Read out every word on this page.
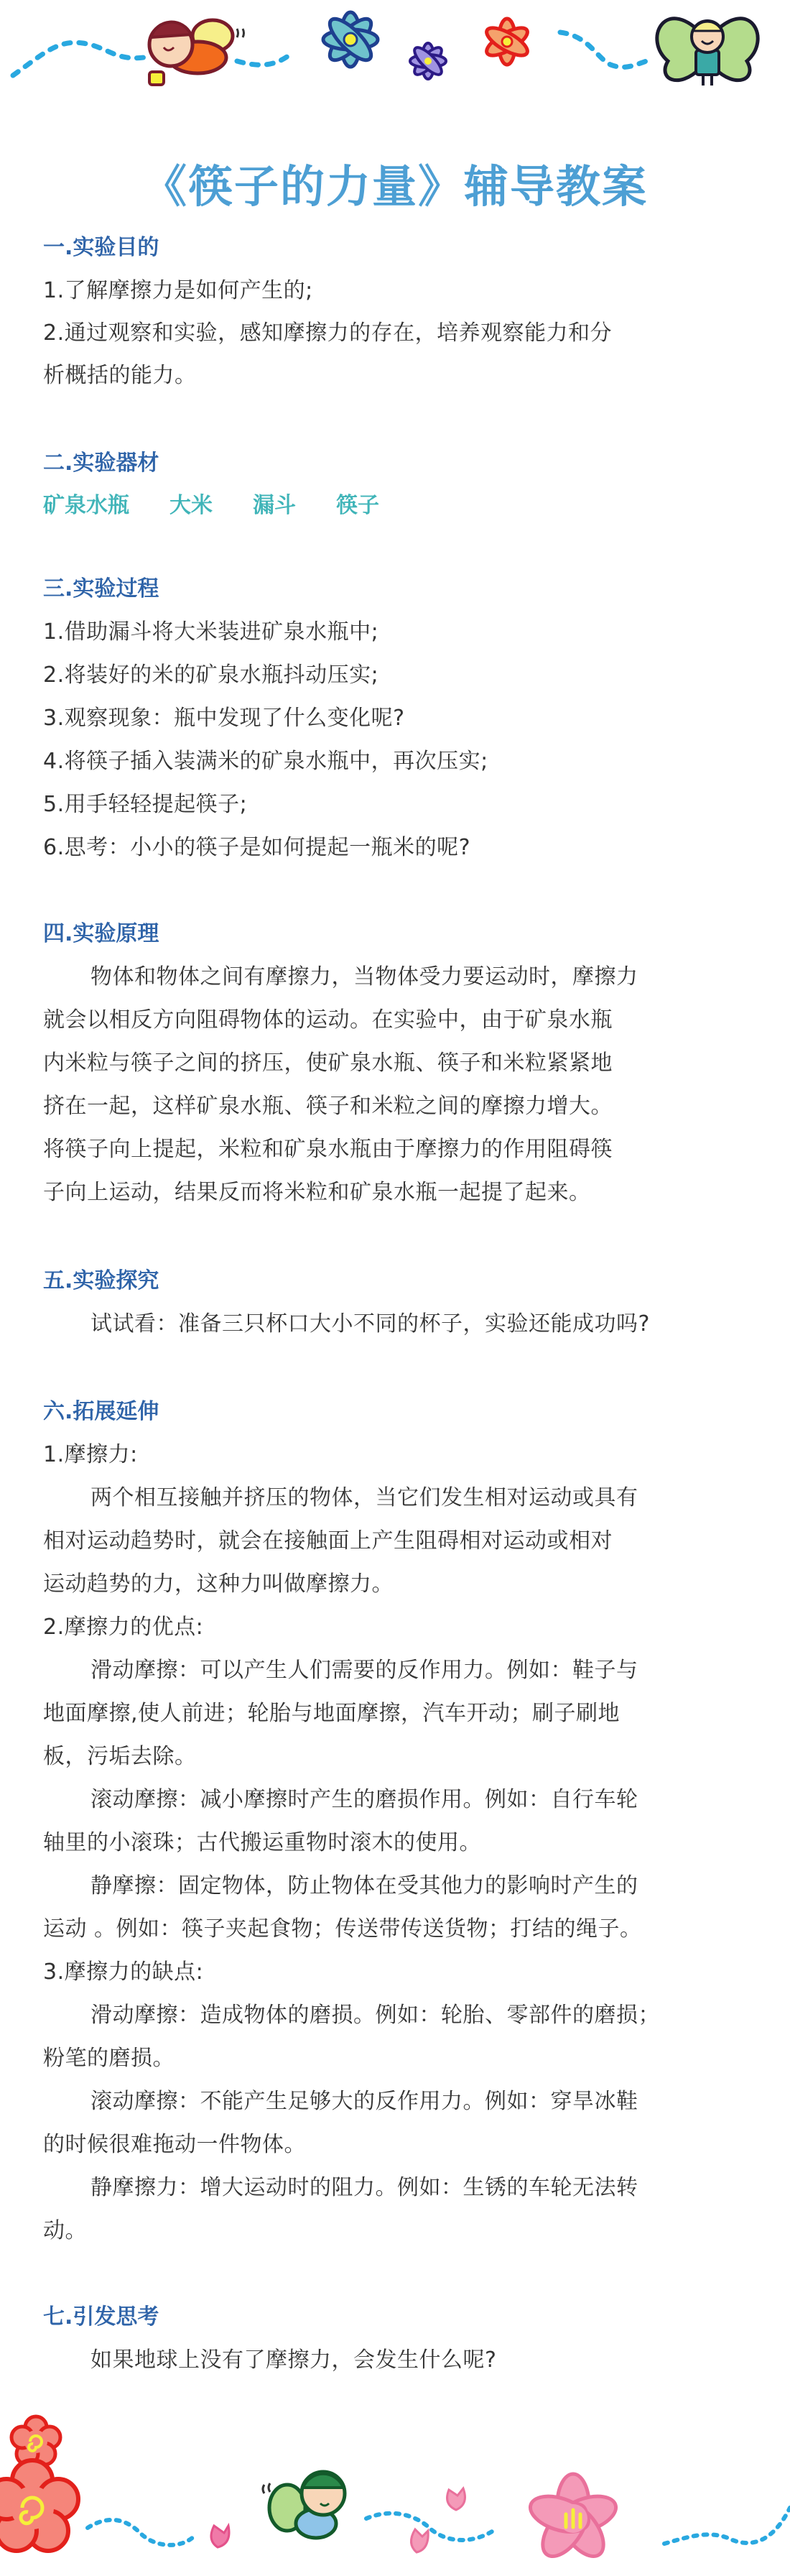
《筷子的力量》辅导教案
一.实验目的
1.了解摩擦力是如何产生的;
2.通过观察和实验，感知摩擦力的存在，培养观察能力和分
析概括的能力。
二.实验器材
矿泉水瓶 大米 漏斗 筷子
三.实验过程
1.借助漏斗将大米装进矿泉水瓶中;
2.将装好的米的矿泉水瓶抖动压实;
3.观察现象：瓶中发现了什么变化呢?
4.将筷子插入装满米的矿泉水瓶中，再次压实;
5.用手轻轻提起筷子;
6.思考：小小的筷子是如何提起一瓶米的呢?
四.实验原理
物体和物体之间有摩擦力，当物体受力要运动时，摩擦力
就会以相反方向阻碍物体的运动。在实验中，由于矿泉水瓶
内米粒与筷子之间的挤压，使矿泉水瓶、筷子和米粒紧紧地
挤在一起，这样矿泉水瓶、筷子和米粒之间的摩擦力增大。
将筷子向上提起，米粒和矿泉水瓶由于摩擦力的作用阻碍筷
子向上运动，结果反而将米粒和矿泉水瓶一起提了起来。
五.实验探究
试试看：准备三只杯口大小不同的杯子，实验还能成功吗?
六.拓展延伸
1.摩擦力:
两个相互接触并挤压的物体，当它们发生相对运动或具有
相对运动趋势时，就会在接触面上产生阻碍相对运动或相对
运动趋势的力，这种力叫做摩擦力。
2.摩擦力的优点:
滑动摩擦：可以产生人们需要的反作用力。例如：鞋子与
地面摩擦,使人前进；轮胎与地面摩擦，汽车开动；刷子刷地
板，污垢去除。
滚动摩擦：减小摩擦时产生的磨损作用。例如：自行车轮
轴里的小滚珠；古代搬运重物时滚木的使用。
静摩擦：固定物体，防止物体在受其他力的影响时产生的
运动 。例如：筷子夹起食物；传送带传送货物；打结的绳子。
3.摩擦力的缺点:
滑动摩擦：造成物体的磨损。例如：轮胎、零部件的磨损；
粉笔的磨损。
滚动摩擦：不能产生足够大的反作用力。例如：穿旱冰鞋
的时候很难拖动一件物体。
静摩擦力：增大运动时的阻力。例如：生锈的车轮无法转
动。
七.引发思考
如果地球上没有了摩擦力，会发生什么呢?
